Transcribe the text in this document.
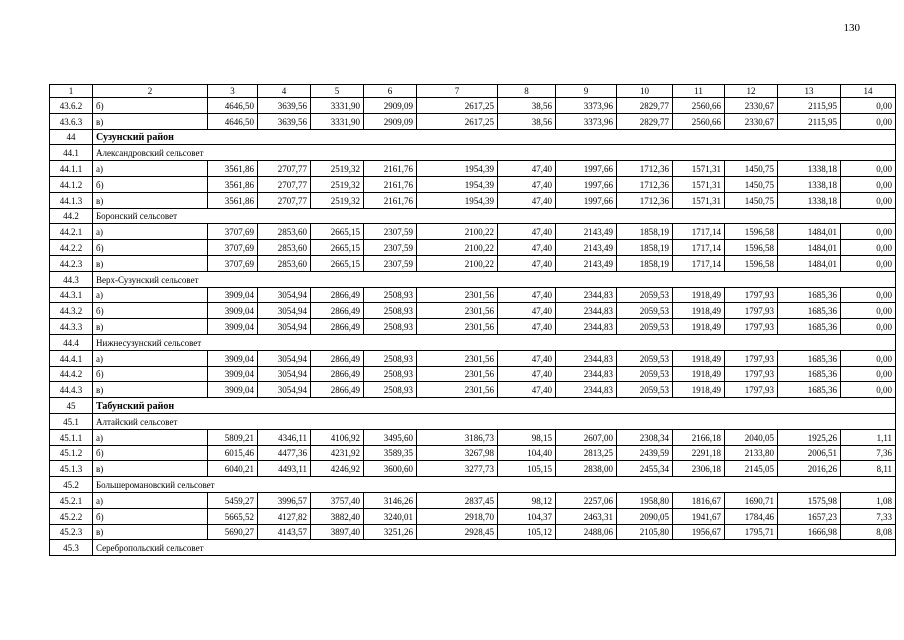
130
1	2	3	4	5	6	7	8	9	10	11	12	13	14
43.6.2	б)	4646,50	3639,56	3331,90	2909,09	2617,25	38,56	3373,96	2829,77	2560,66	2330,67	2115,95	0,00
43.6.3	в)	4646,50	3639,56	3331,90	2909,09	2617,25	38,56	3373,96	2829,77	2560,66	2330,67	2115,95	0,00
44	Сузунский район												
44.1	Александровский сельсовет												
44.1.1	а)	3561,86	2707,77	2519,32	2161,76	1954,39	47,40	1997,66	1712,36	1571,31	1450,75	1338,18	0,00
44.1.2	б)	3561,86	2707,77	2519,32	2161,76	1954,39	47,40	1997,66	1712,36	1571,31	1450,75	1338,18	0,00
44.1.3	в)	3561,86	2707,77	2519,32	2161,76	1954,39	47,40	1997,66	1712,36	1571,31	1450,75	1338,18	0,00
44.2	Боронский сельсовет												
44.2.1	а)	3707,69	2853,60	2665,15	2307,59	2100,22	47,40	2143,49	1858,19	1717,14	1596,58	1484,01	0,00
44.2.2	б)	3707,69	2853,60	2665,15	2307,59	2100,22	47,40	2143,49	1858,19	1717,14	1596,58	1484,01	0,00
44.2.3	в)	3707,69	2853,60	2665,15	2307,59	2100,22	47,40	2143,49	1858,19	1717,14	1596,58	1484,01	0,00
44.3	Верх-Сузунский сельсовет												
44.3.1	а)	3909,04	3054,94	2866,49	2508,93	2301,56	47,40	2344,83	2059,53	1918,49	1797,93	1685,36	0,00
44.3.2	б)	3909,04	3054,94	2866,49	2508,93	2301,56	47,40	2344,83	2059,53	1918,49	1797,93	1685,36	0,00
44.3.3	в)	3909,04	3054,94	2866,49	2508,93	2301,56	47,40	2344,83	2059,53	1918,49	1797,93	1685,36	0,00
44.4	Нижнесузунский сельсовет												
44.4.1	а)	3909,04	3054,94	2866,49	2508,93	2301,56	47,40	2344,83	2059,53	1918,49	1797,93	1685,36	0,00
44.4.2	б)	3909,04	3054,94	2866,49	2508,93	2301,56	47,40	2344,83	2059,53	1918,49	1797,93	1685,36	0,00
44.4.3	в)	3909,04	3054,94	2866,49	2508,93	2301,56	47,40	2344,83	2059,53	1918,49	1797,93	1685,36	0,00
45	Табунский район												
45.1	Алтайский сельсовет												
45.1.1	а)	5809,21	4346,11	4106,92	3495,60	3186,73	98,15	2607,00	2308,34	2166,18	2040,05	1925,26	1,11
45.1.2	б)	6015,46	4477,36	4231,92	3589,35	3267,98	104,40	2813,25	2439,59	2291,18	2133,80	2006,51	7,36
45.1.3	в)	6040,21	4493,11	4246,92	3600,60	3277,73	105,15	2838,00	2455,34	2306,18	2145,05	2016,26	8,11
45.2	Большеромановский сельсовет												
45.2.1	а)	5459,27	3996,57	3757,40	3146,26	2837,45	98,12	2257,06	1958,80	1816,67	1690,71	1575,98	1,08
45.2.2	б)	5665,52	4127,82	3882,40	3240,01	2918,70	104,37	2463,31	2090,05	1941,67	1784,46	1657,23	7,33
45.2.3	в)	5690,27	4143,57	3897,40	3251,26	2928,45	105,12	2488,06	2105,80	1956,67	1795,71	1666,98	8,08
45.3	Серебропольский сельсовет												
